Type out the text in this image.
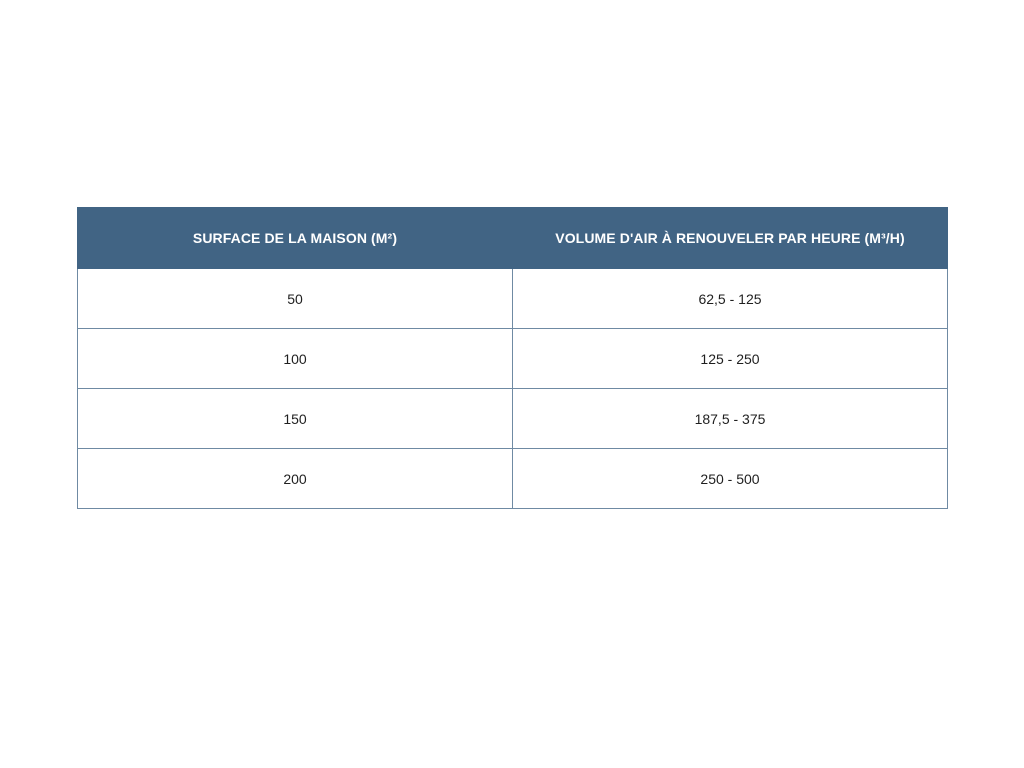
SURFACE DE LA MAISON (M²)	VOLUME D'AIR À RENOUVELER PAR HEURE (M³/H)
50	62,5 - 125
100	125 - 250
150	187,5 - 375
200	250 - 500
